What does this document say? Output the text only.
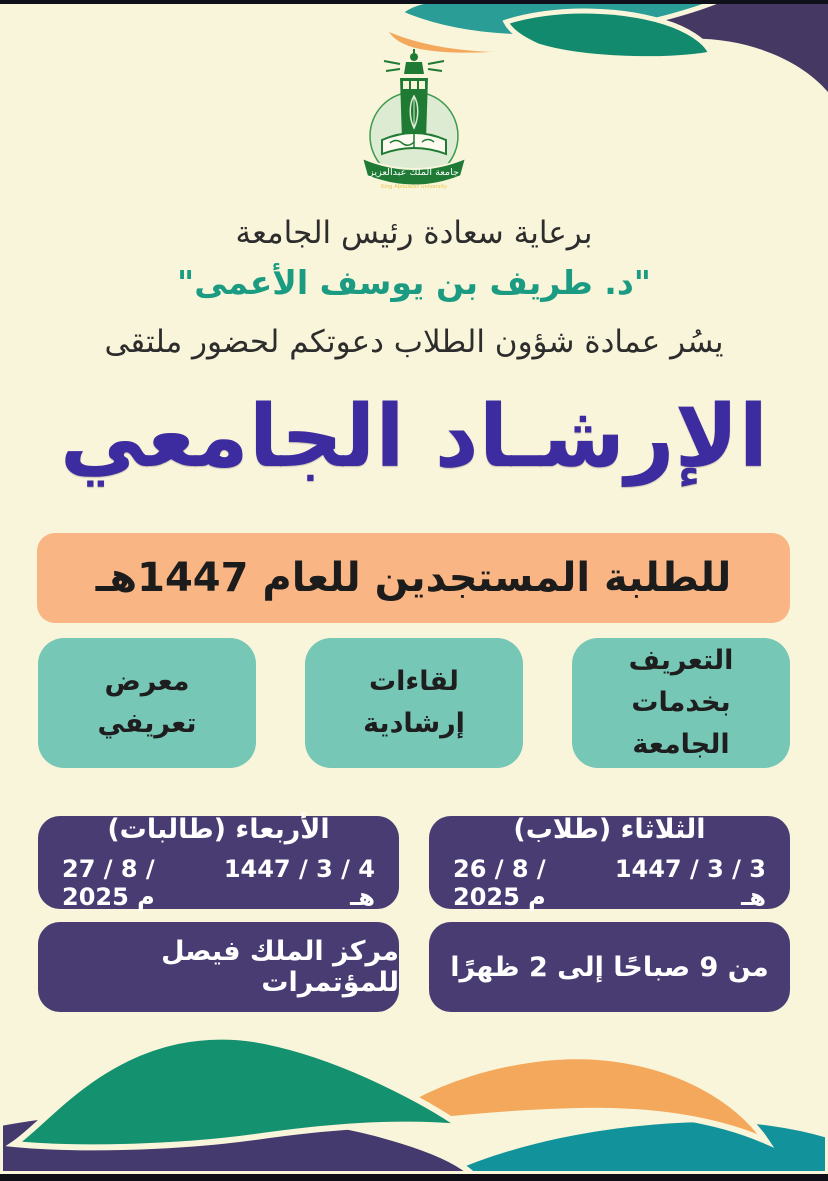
جامعة الملك عبدالعزيز
King Abdulaziz University
برعاية سعادة رئيس الجامعة
"د. طريف بن يوسف الأعمى"
يسُر عمادة شؤون الطلاب دعوتكم لحضور ملتقى
الإرشـاد الجامعي
للطلبة المستجدين للعام 1447هـ
التعريف بخدمات الجامعة
لقاءات إرشادية
معرض تعريفي
الثلاثاء (طلاب)
3 / 3 / 1447 هـ
26 / 8 / 2025 م
الأربعاء (طالبات)
4 / 3 / 1447 هـ
27 / 8 / 2025 م
من 9 صباحًا إلى 2 ظهرًا
مركز الملك فيصل للمؤتمرات
